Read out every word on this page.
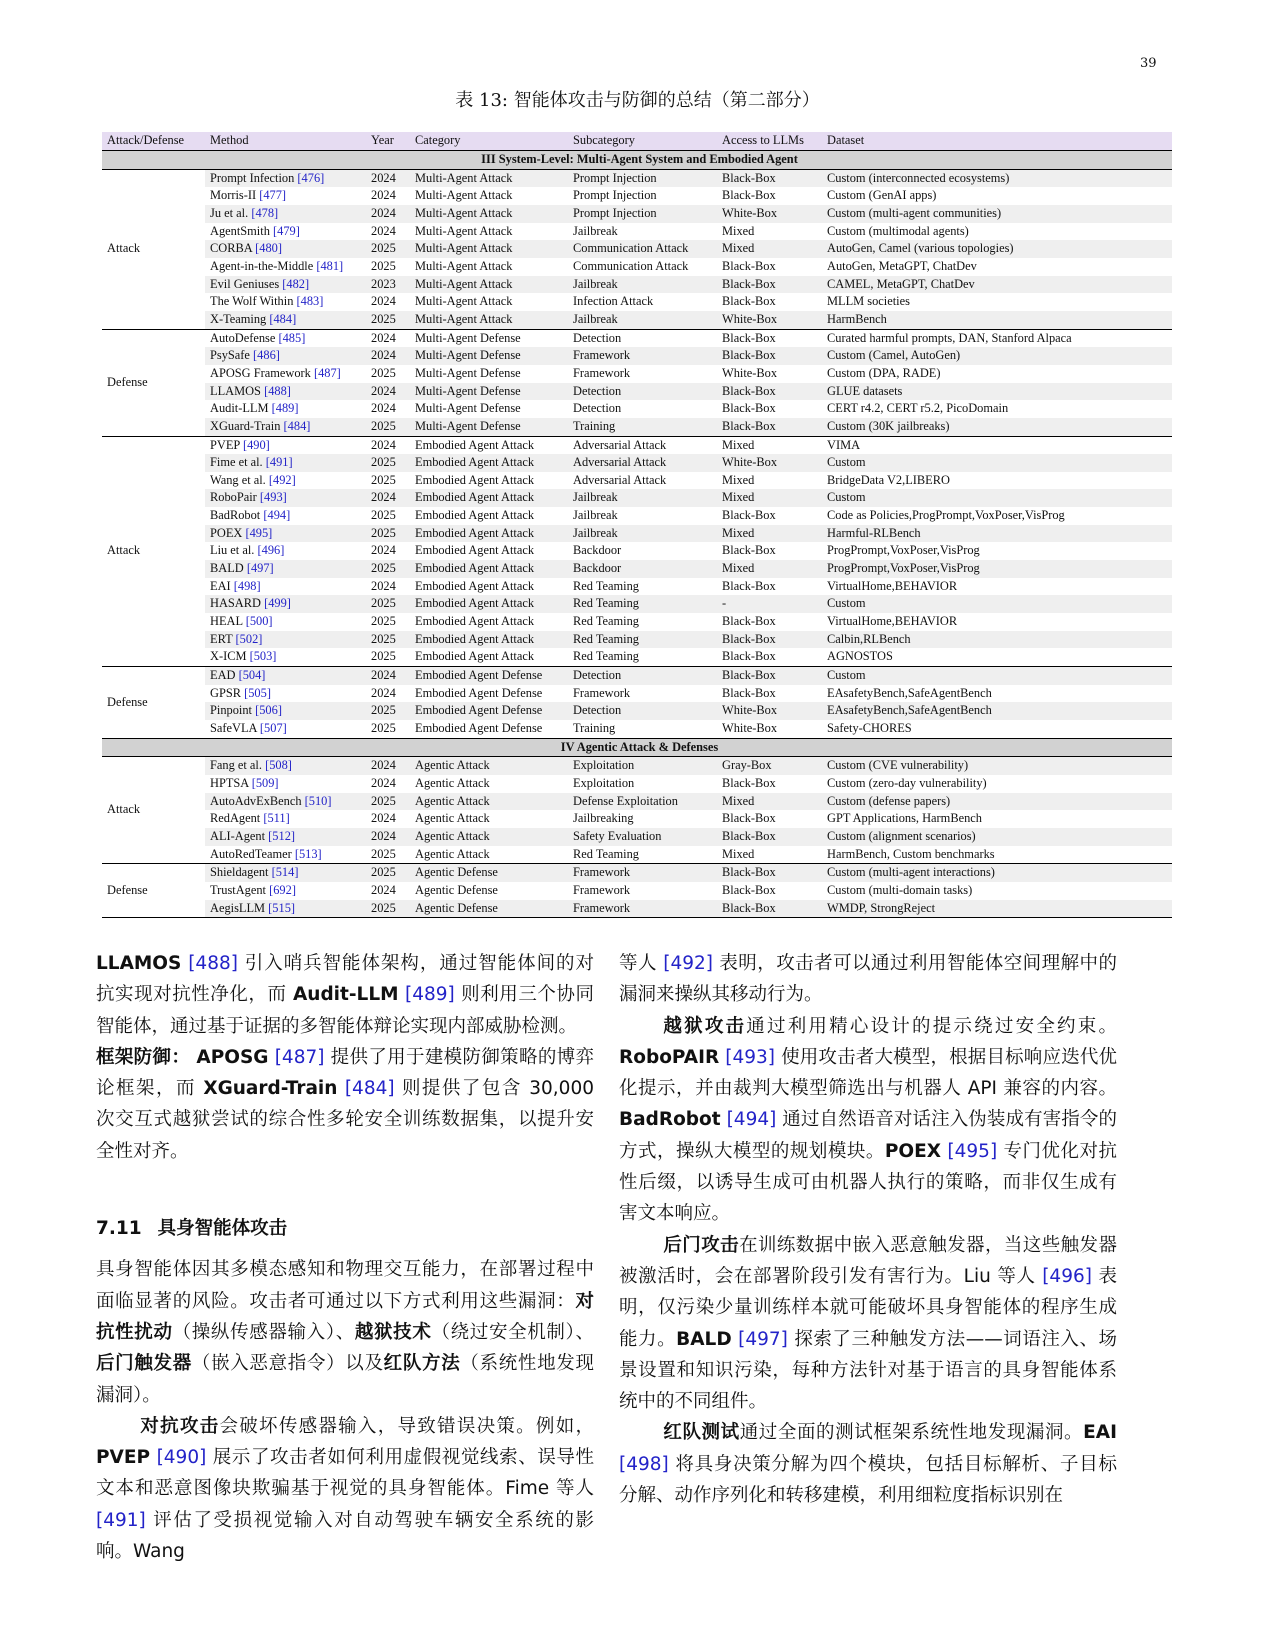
39
表 13: 智能体攻击与防御的总结（第二部分）
Attack/Defense	Method	Year	Category	Subcategory	Access to LLMs	Dataset
III System-Level: Multi-Agent System and Embodied Agent						
Attack	Prompt Infection [476]	2024	Multi-Agent Attack	Prompt Injection	Black-Box	Custom (interconnected ecosystems)
	Morris-II [477]	2024	Multi-Agent Attack	Prompt Injection	Black-Box	Custom (GenAI apps)
	Ju et al. [478]	2024	Multi-Agent Attack	Prompt Injection	White-Box	Custom (multi-agent communities)
	AgentSmith [479]	2024	Multi-Agent Attack	Jailbreak	Mixed	Custom (multimodal agents)
	CORBA [480]	2025	Multi-Agent Attack	Communication Attack	Mixed	AutoGen, Camel (various topologies)
	Agent-in-the-Middle [481]	2025	Multi-Agent Attack	Communication Attack	Black-Box	AutoGen, MetaGPT, ChatDev
	Evil Geniuses [482]	2023	Multi-Agent Attack	Jailbreak	Black-Box	CAMEL, MetaGPT, ChatDev
	The Wolf Within [483]	2024	Multi-Agent Attack	Infection Attack	Black-Box	MLLM societies
	X-Teaming [484]	2025	Multi-Agent Attack	Jailbreak	White-Box	HarmBench
Defense	AutoDefense [485]	2024	Multi-Agent Defense	Detection	Black-Box	Curated harmful prompts, DAN, Stanford Alpaca
	PsySafe [486]	2024	Multi-Agent Defense	Framework	Black-Box	Custom (Camel, AutoGen)
	APOSG Framework [487]	2025	Multi-Agent Defense	Framework	White-Box	Custom (DPA, RADE)
	LLAMOS [488]	2024	Multi-Agent Defense	Detection	Black-Box	GLUE datasets
	Audit-LLM [489]	2024	Multi-Agent Defense	Detection	Black-Box	CERT r4.2, CERT r5.2, PicoDomain
	XGuard-Train [484]	2025	Multi-Agent Defense	Training	Black-Box	Custom (30K jailbreaks)
Attack	PVEP [490]	2024	Embodied Agent Attack	Adversarial Attack	Mixed	VIMA
	Fime et al. [491]	2025	Embodied Agent Attack	Adversarial Attack	White-Box	Custom
	Wang et al. [492]	2025	Embodied Agent Attack	Adversarial Attack	Mixed	BridgeData V2,LIBERO
	RoboPair [493]	2024	Embodied Agent Attack	Jailbreak	Mixed	Custom
	BadRobot [494]	2025	Embodied Agent Attack	Jailbreak	Black-Box	Code as Policies,ProgPrompt,VoxPoser,VisProg
	POEX [495]	2025	Embodied Agent Attack	Jailbreak	Mixed	Harmful-RLBench
	Liu et al. [496]	2024	Embodied Agent Attack	Backdoor	Black-Box	ProgPrompt,VoxPoser,VisProg
	BALD [497]	2025	Embodied Agent Attack	Backdoor	Mixed	ProgPrompt,VoxPoser,VisProg
	EAI [498]	2024	Embodied Agent Attack	Red Teaming	Black-Box	VirtualHome,BEHAVIOR
	HASARD [499]	2025	Embodied Agent Attack	Red Teaming	-	Custom
	HEAL [500]	2025	Embodied Agent Attack	Red Teaming	Black-Box	VirtualHome,BEHAVIOR
	ERT [502]	2025	Embodied Agent Attack	Red Teaming	Black-Box	Calbin,RLBench
	X-ICM [503]	2025	Embodied Agent Attack	Red Teaming	Black-Box	AGNOSTOS
Defense	EAD [504]	2024	Embodied Agent Defense	Detection	Black-Box	Custom
	GPSR [505]	2024	Embodied Agent Defense	Framework	Black-Box	EAsafetyBench,SafeAgentBench
	Pinpoint [506]	2025	Embodied Agent Defense	Detection	White-Box	EAsafetyBench,SafeAgentBench
	SafeVLA [507]	2025	Embodied Agent Defense	Training	White-Box	Safety-CHORES
IV Agentic Attack & Defenses						
Attack	Fang et al. [508]	2024	Agentic Attack	Exploitation	Gray-Box	Custom (CVE vulnerability)
	HPTSA [509]	2024	Agentic Attack	Exploitation	Black-Box	Custom (zero-day vulnerability)
	AutoAdvExBench [510]	2025	Agentic Attack	Defense Exploitation	Mixed	Custom (defense papers)
	RedAgent [511]	2024	Agentic Attack	Jailbreaking	Black-Box	GPT Applications, HarmBench
	ALI-Agent [512]	2024	Agentic Attack	Safety Evaluation	Black-Box	Custom (alignment scenarios)
	AutoRedTeamer [513]	2025	Agentic Attack	Red Teaming	Mixed	HarmBench, Custom benchmarks
Defense	Shieldagent [514]	2025	Agentic Defense	Framework	Black-Box	Custom (multi-agent interactions)
	TrustAgent [692]	2024	Agentic Defense	Framework	Black-Box	Custom (multi-domain tasks)
	AegisLLM [515]	2025	Agentic Defense	Framework	Black-Box	WMDP, StrongReject

LLAMOS [488] 引入哨兵智能体架构，通过智能体间的对抗实现对抗性净化，而 Audit-LLM [489] 则利用三个协同智能体，通过基于证据的多智能体辩论实现内部威胁检测。

框架防御： APOSG [487] 提供了用于建模防御策略的博弈论框架，而 XGuard-Train [484] 则提供了包含 30,000 次交互式越狱尝试的综合性多轮安全训练数据集，以提升安全性对齐。

7.11 具身智能体攻击

具身智能体因其多模态感知和物理交互能力，在部署过程中面临显著的风险。攻击者可通过以下方式利用这些漏洞：对抗性扰动（操纵传感器输入）、越狱技术（绕过安全机制）、后门触发器（嵌入恶意指令）以及红队方法（系统性地发现漏洞）。

对抗攻击会破坏传感器输入，导致错误决策。例如，PVEP [490] 展示了攻击者如何利用虚假视觉线索、误导性文本和恶意图像块欺骗基于视觉的具身智能体。Fime 等人 [491] 评估了受损视觉输入对自动驾驶车辆安全系统的影响。Wang

等人 [492] 表明，攻击者可以通过利用智能体空间理解中的漏洞来操纵其移动行为。

越狱攻击通过利用精心设计的提示绕过安全约束。RoboPAIR [493] 使用攻击者大模型，根据目标响应迭代优化提示，并由裁判大模型筛选出与机器人 API 兼容的内容。BadRobot [494] 通过自然语音对话注入伪装成有害指令的方式，操纵大模型的规划模块。POEX [495] 专门优化对抗性后缀，以诱导生成可由机器人执行的策略，而非仅生成有害文本响应。

后门攻击在训练数据中嵌入恶意触发器，当这些触发器被激活时，会在部署阶段引发有害行为。Liu 等人 [496] 表明，仅污染少量训练样本就可能破坏具身智能体的程序生成能力。BALD [497] 探索了三种触发方法——词语注入、场景设置和知识污染，每种方法针对基于语言的具身智能体系统中的不同组件。

红队测试通过全面的测试框架系统性地发现漏洞。EAI [498] 将具身决策分解为四个模块，包括目标解析、子目标分解、动作序列化和转移建模，利用细粒度指标识别在
